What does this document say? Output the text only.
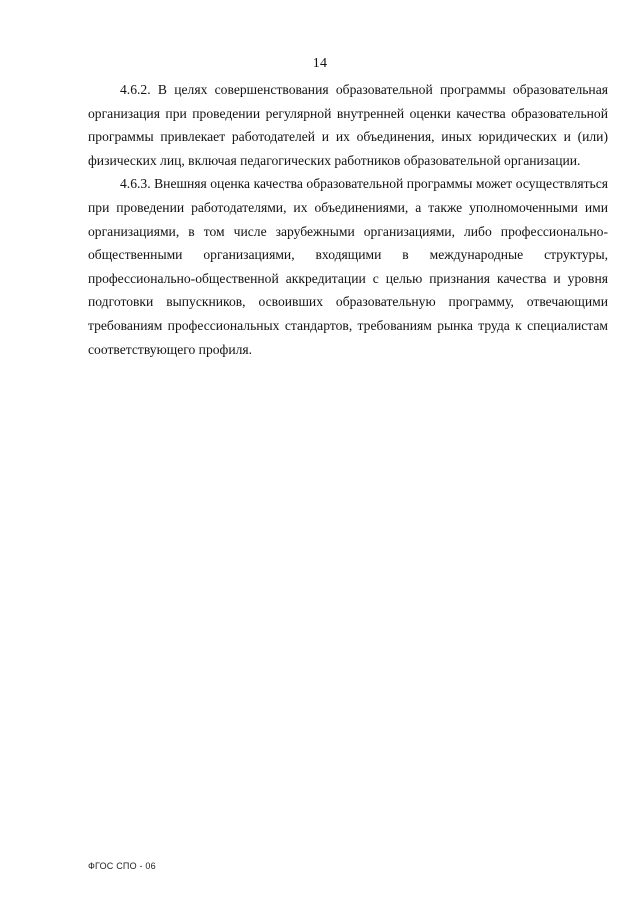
14

4.6.2. В целях совершенствования образовательной программы образовательная организация при проведении регулярной внутренней оценки качества образовательной программы привлекает работодателей и их объединения, иных юридических и (или) физических лиц, включая педагогических работников образовательной организации.

4.6.3. Внешняя оценка качества образовательной программы может осуществляться при проведении работодателями, их объединениями, а также уполномоченными ими организациями, в том числе зарубежными организациями, либо профессионально-общественными организациями, входящими в международные структуры, профессионально-общественной аккредитации с целью признания качества и уровня подготовки выпускников, освоивших образовательную программу, отвечающими требованиям профессиональных стандартов, требованиям рынка труда к специалистам соответствующего профиля.

ФГОС СПО - 06
